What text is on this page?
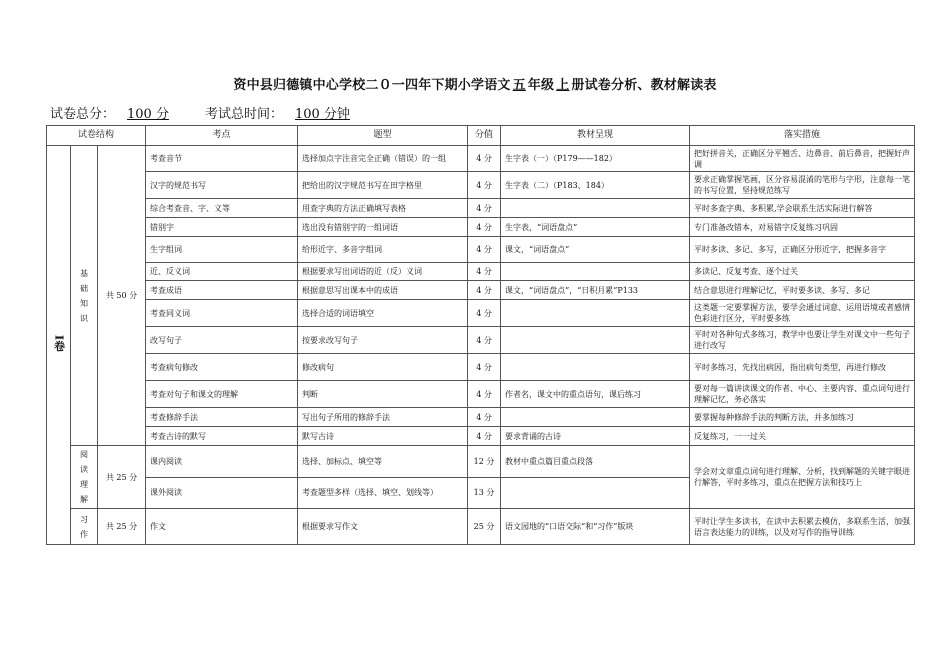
资中县归德镇中心学校二０一四年下期小学语文 五 年级 上 册试卷分析、教材解读表
试卷总分： 100 分	考试总时间： 100 分钟
试卷结构			考点	题型	分值	教材呈现	落实措施
I卷	基础知识	共 50 分	考查音节	选择加点字注音完全正确（错误）的一组	4 分	生字表（一）（P179——182）	把好拼音关，正确区分平翘舌、边鼻音、前后鼻音，把握好声调
			汉字的规范书写	把给出的汉字规范书写在田字格里	4 分	生字表（二）（P183、184）	要求正确掌握笔画，区分容易混淆的笔形与字形，注意每一笔的书写位置，坚持规范练写
			综合考查音、字、义等	用查字典的方法正确填写表格	4 分		平时多查字典、多积累,学会联系生活实际进行解答
			错别字	选出没有错别字的一组词语	4 分	生字表，“词语盘点”	专门准备改错本，对易错字反复练习巩固
			生字组词	给形近字、多音字组词	4 分	课文，“词语盘点”	平时多读、多记、多写，正确区分形近字，把握多音字
			近、反义词	根据要求写出词语的近（反）义词	4 分		多读记、反复考查、逐个过关
			考查成语	根据意思写出课本中的成语	4 分	课文，“词语盘点”，“日积月累”P133	结合意思进行理解记忆，平时要多读、多写、多记
			考查同义词	选择合适的词语填空	4 分		这类题一定要掌握方法，要学会通过词意、运用语境或者感情色彩进行区分，平时要多练
			改写句子	按要求改写句子	4 分		平时对各种句式多练习，教学中也要让学生对课文中一些句子进行改写
			考查病句修改	修改病句	4 分		平时多练习，先找出病因，指出病句类型，再进行修改
			考查对句子和课文的理解	判断	4 分	作者名，课文中的重点语句，课后练习	要对每一篇讲读课文的作者、中心、主要内容、重点词句进行理解记忆，务必落实
			考查修辞手法	写出句子所用的修辞手法	4 分		要掌握每种修辞手法的判断方法，并多加练习
			考查古诗的默写	默写古诗	4 分	要求背诵的古诗	反复练习，一一过关
	阅读理解	共 25 分	课内阅读	选择、加标点、填空等	12 分	教材中重点篇目重点段落	学会对文章重点词句进行理解、分析，找到解题的关键字眼进行解答，平时多练习，重点在把握方法和技巧上
			课外阅读	考查题型多样（选择、填空、划线等）	13 分		
	习作	共 25 分	作文	根据要求写作文	25 分	语文园地的“口语交际”和“习作”版块	平时让学生多读书，在读中去积累去模仿，多联系生活，加强语言表达能力的训练，以及对写作的指导训练
